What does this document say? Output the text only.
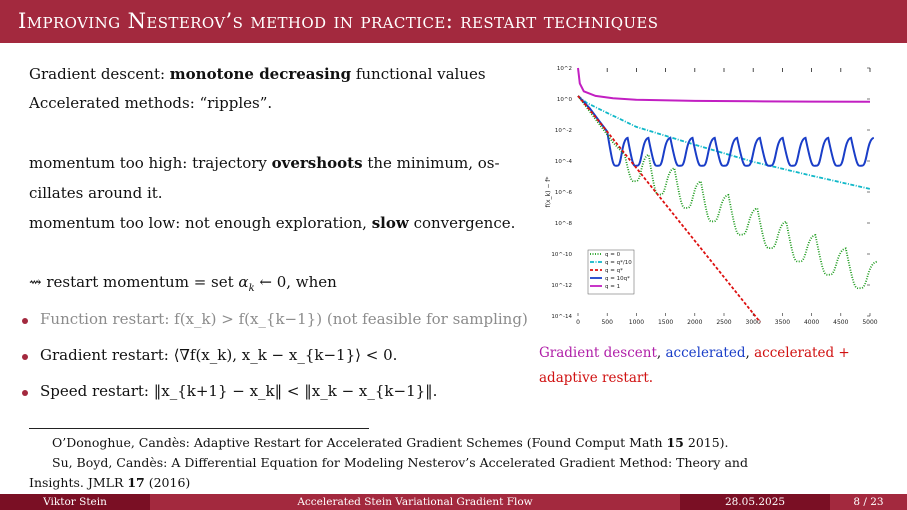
Improving Nesterov’s method in practice: restart techniques
Gradient descent: monotone decreasing functional values
Accelerated methods: “ripples”.
momentum too high: trajectory overshoots the minimum, os-
cillates around it.
momentum too low: not enough exploration, slow convergence.
⇝ restart momentum = set $\alpha_k$ ← 0, when
Function restart: f(x_k) > f(x_{k−1}) (not feasible for sampling)
Gradient restart: ⟨∇f(x_k), x_k − x_{k−1}⟩ < 0.
Speed restart: ‖x_{k+1} − x_k‖ < ‖x_k − x_{k−1}‖.
0	500	1000 1500 2000 2500 3000 3500 4000 4500 5000
10^2
10^0
10^-2
10^-4
10^-6
10^-8
10^-10
10^-12
10^-14
f(x_k) − f*
q = 0
q = q*/10
q = q*
q = 10q*
q = 1
Gradient descent, accelerated, accelerated +
adaptive restart.
O’Donoghue, Candès: Adaptive Restart for Accelerated Gradient Schemes (Found Comput Math 15 2015).
Su, Boyd, Candès: A Differential Equation for Modeling Nesterov’s Accelerated Gradient Method: Theory and
Insights. JMLR 17 (2016)
Viktor Stein	Accelerated Stein Variational Gradient Flow	28.05.2025	8 / 23
